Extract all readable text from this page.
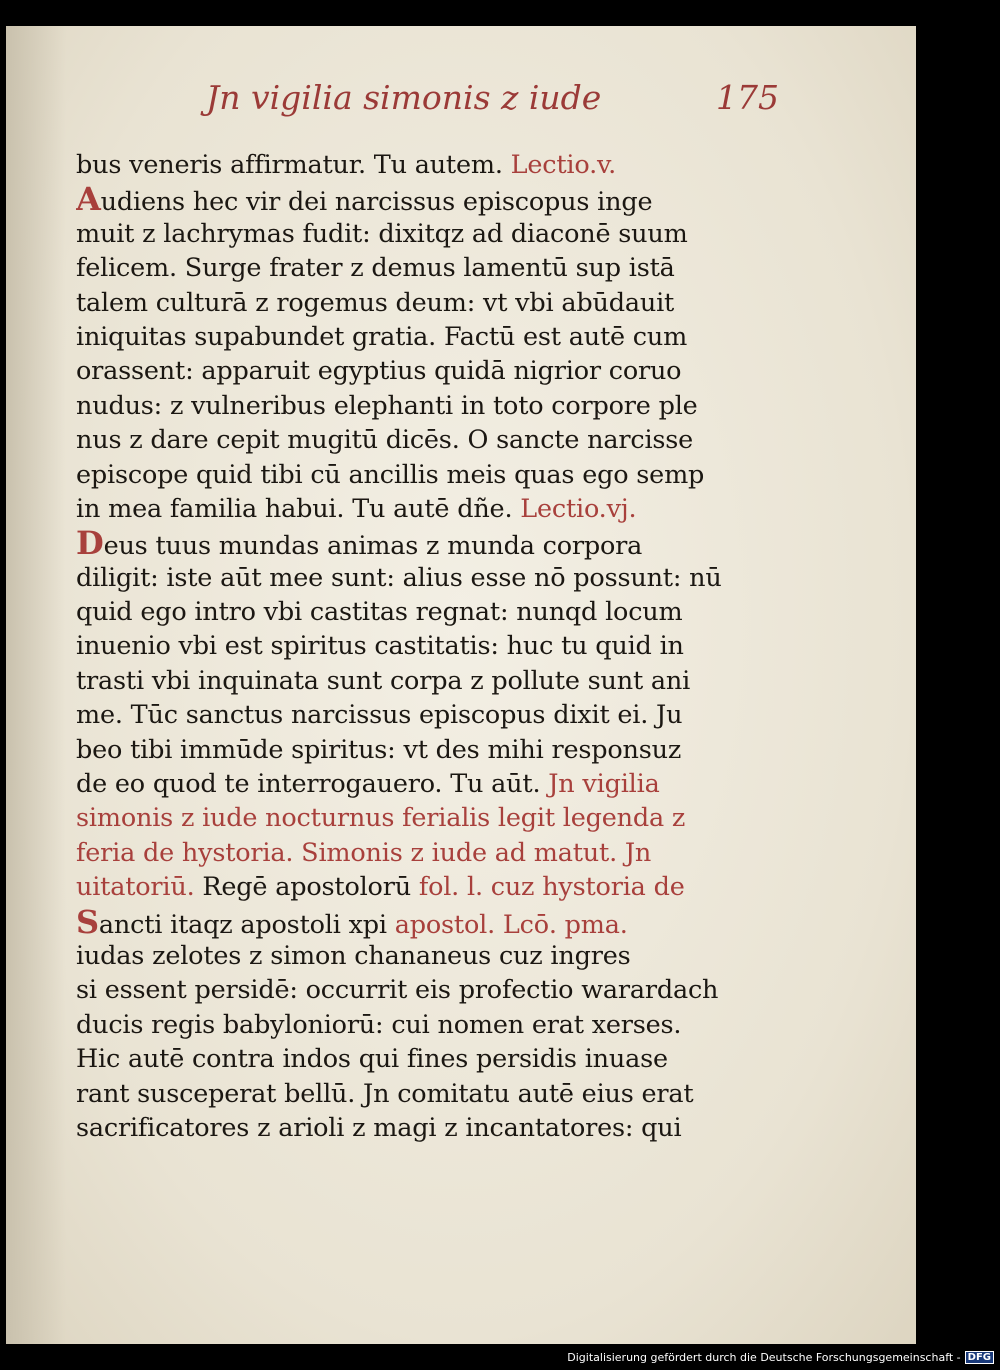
Jn vigilia simonis z iude	175
bus veneris affirmatur. Tu autem. Lectio.v.
Audiens hec vir dei narcissus episcopus inge
muit z lachrymas fudit: dixitqz ad diaconē suum
felicem. Surge frater z demus lamentū sup istā
talem culturā z rogemus deum: vt vbi abūdauit
iniquitas supabundet gratia. Factū est autē cum
orassent: apparuit egyptius quidā nigrior coruo
nudus: z vulneribus elephanti in toto corpore ple
nus z dare cepit mugitū dicēs. O sancte narcisse
episcope quid tibi cū ancillis meis quas ego semp
in mea familia habui. Tu autē dñe. Lectio.vj.
Deus tuus mundas animas z munda corpora
diligit: iste aūt mee sunt: alius esse nō possunt: nū
quid ego intro vbi castitas regnat: nunqd locum
inuenio vbi est spiritus castitatis: huc tu quid in
trasti vbi inquinata sunt corpa z pollute sunt ani
me. Tūc sanctus narcissus episcopus dixit ei. Ju
beo tibi immūde spiritus: vt des mihi responsuz
de eo quod te interrogauero. Tu aūt. Jn vigilia
simonis z iude nocturnus ferialis legit legenda z
feria de hystoria. Simonis z iude ad matut. Jn
uitatoriū. Regē apostolorū fol. l. cuz hystoria de
Sancti itaqz apostoli xpi apostol. Lcō. pma.
iudas zelotes z simon chananeus cuz ingres
si essent persidē: occurrit eis profectio warardach
ducis regis babyloniorū: cui nomen erat xerses.
Hic autē contra indos qui fines persidis inuase
rant susceperat bellū. Jn comitatu autē eius erat
sacrificatores z arioli z magi z incantatores: qui
Digitalisierung gefördert durch die Deutsche Forschungsgemeinschaft - DFG
